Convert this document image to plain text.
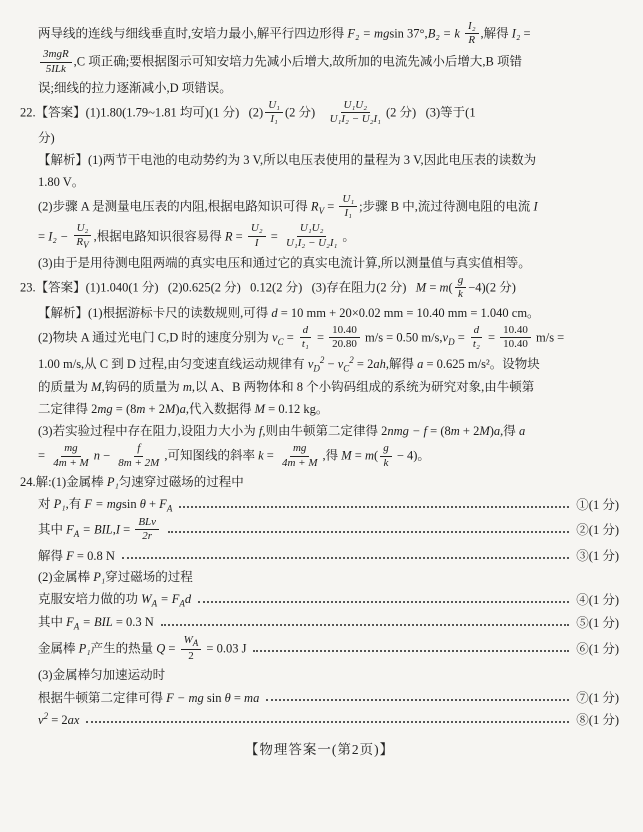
两导线的连线与细线垂直时,安培力最小,解平行四边形得 F₂ = mgsin 37°,B₂ = k $\frac{\text{I₂}}{R}$ ,解得 I₂ =
$\frac{\text{3mgR}}{\text{5ILk}} ,C$ 项正确;要根据图示可知安培力先减小后增大,故所加的电流先减小后增大,B 项错
误;细线的拉力逐渐减小,D 项错误。
22.【答案】(1)1.80(1.79~1.81 均可)(1 分)   $(2) \frac{\text{U₁}}{\text{I₁}} (2$ 分) $\frac{\text{U₁U₂}}{\text{U₁I₂ − U₂I₁}} (2$ 分)   (3)等于(1
分)
【解析】(1)两节干电池的电动势约为 3 V,所以电压表使用的量程为 3 V,因此电压表的读数为
1.80 V。
(2)步骤 A 是测量电压表的内阻,根据电路知识可得 $R_V = \frac{\text{U₁}}{\text{I₁}}$ ;步骤 B 中,流过待测电阻的电流 I
= $I_2 - \frac{\text{U₂}}{R_V}$ ,根据电路知识很容易得 $R = \frac{\text{U₂}}{I} = \frac{\text{U₁U₂}}{\text{U₁I₂ − U₂I₁}}$ 。
(3)由于是用待测电阻两端的真实电压和通过它的真实电流计算,所以测量值与真实值相等。
23.【答案】(1)1.040(1 分)   (2)0.625(2 分)   0.12(2 分)   (3)存在阻力(2 分)   $M = m( \frac{g}{k} -4)(2$ 分)
【解析】(1)根据游标卡尺的读数规则,可得 d = 10 mm + 20×0.02 mm = 10.40 mm = 1.040 cm。
(2)物块 A 通过光电门 C,D 时的速度分别为 $v_C = \frac{d}{\text{t₁}} = \frac{10.40}{20.80} m/s = 0.50$ $m/s,v_D = \frac{d}{\text{t₂}} = \frac{10.40}{10.40} m/s$ =
1.00 m/s,从 C 到 D 过程,由匀变速直线运动规律有 $v_D^2 - v_C^2 = 2ah$,解得 a = 0.625 m/s²。设物块
的质量为 M,钩码的质量为 m,以 A、B 两物体和 8 个小钩码组成的系统为研究对象,由牛顿第
二定律得 2mg = (8m + 2M)a,代入数据得 M = 0.12 kg。
(3)若实验过程中存在阻力,设阻力大小为 f,则由牛顿第二定律得 2nmg − f = (8m + 2M)a,得 a
= $\frac{mg}{4m + M}$ $n - \frac{f}{8m + 2M}$ ,可知图线的斜率 $k = \frac{mg}{4m + M}$ ,得 $M = m( \frac{g}{k} - 4)$。
24.解:(1)金属棒 P₁匀速穿过磁场的过程中
对 P₁,有 F = mgsin $\theta + F_A$	①(1 分)
其中 $F_A = BIL,I = \frac{\text{BLv}}{2r}$	②(1 分)
解得 F = 0.8 N	③(1 分)
(2)金属棒 P₁穿过磁场的过程
克服安培力做的功 $W_A = F_Ad$	④(1 分)
其中 $F_A$ = BIL = 0.3 N	⑤(1 分)
金属棒 P₁产生的热量 $Q = \frac{W_A}{2} = 0.03$ J	⑥(1 分)
(3)金属棒匀加速运动时
根据牛顿第二定律可得 F − mg sin θ = ma	⑦(1 分)
$v^2 = 2ax$	⑧(1 分)
【物理答案一(第2页)】
